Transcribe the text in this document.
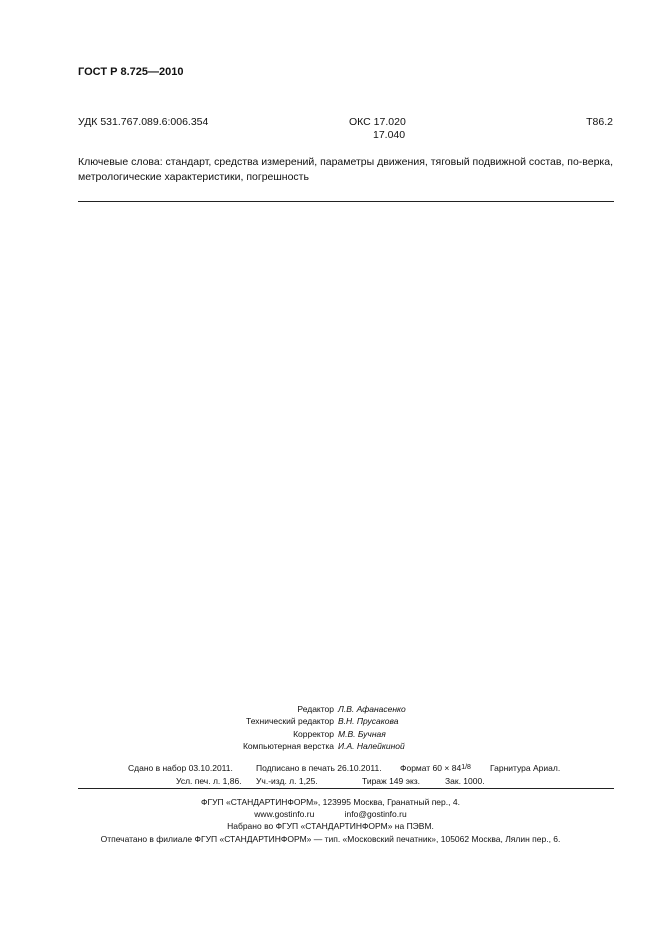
ГОСТ Р 8.725—2010
УДК 531.767.089.6:006.354	ОКС 17.020
17.040
Т86.2
Ключевые слова: стандарт, средства измерений, параметры движения, тяговый подвижной состав, по-верка, метрологические характеристики, погрешность
Редактор Л.В. Афанасенко
Технический редактор В.Н. Прусакова
Корректор М.В. Бучная
Компьютерная верстка И.А. Налейкиной
Сдано в набор 03.10.2011.	Подписано в печать 26.10.2011. Формат $60 \times 84^{1/8}$ Гарнитура Ариал.
Усл. печ. л. 1,86. Уч.-изд. л. 1,25.	Тираж 149 экз.	Зак. 1000.
ФГУП «СТАНДАРТИНФОРМ», 123995 Москва, Гранатный пер., 4.
www.gostinfo.ru	info@gostinfo.ru
Набрано во ФГУП «СТАНДАРТИНФОРМ» на ПЭВМ.
Отпечатано в филиале ФГУП «СТАНДАРТИНФОРМ» — тип. «Московский печатник», 105062 Москва, Лялин пер., 6.
